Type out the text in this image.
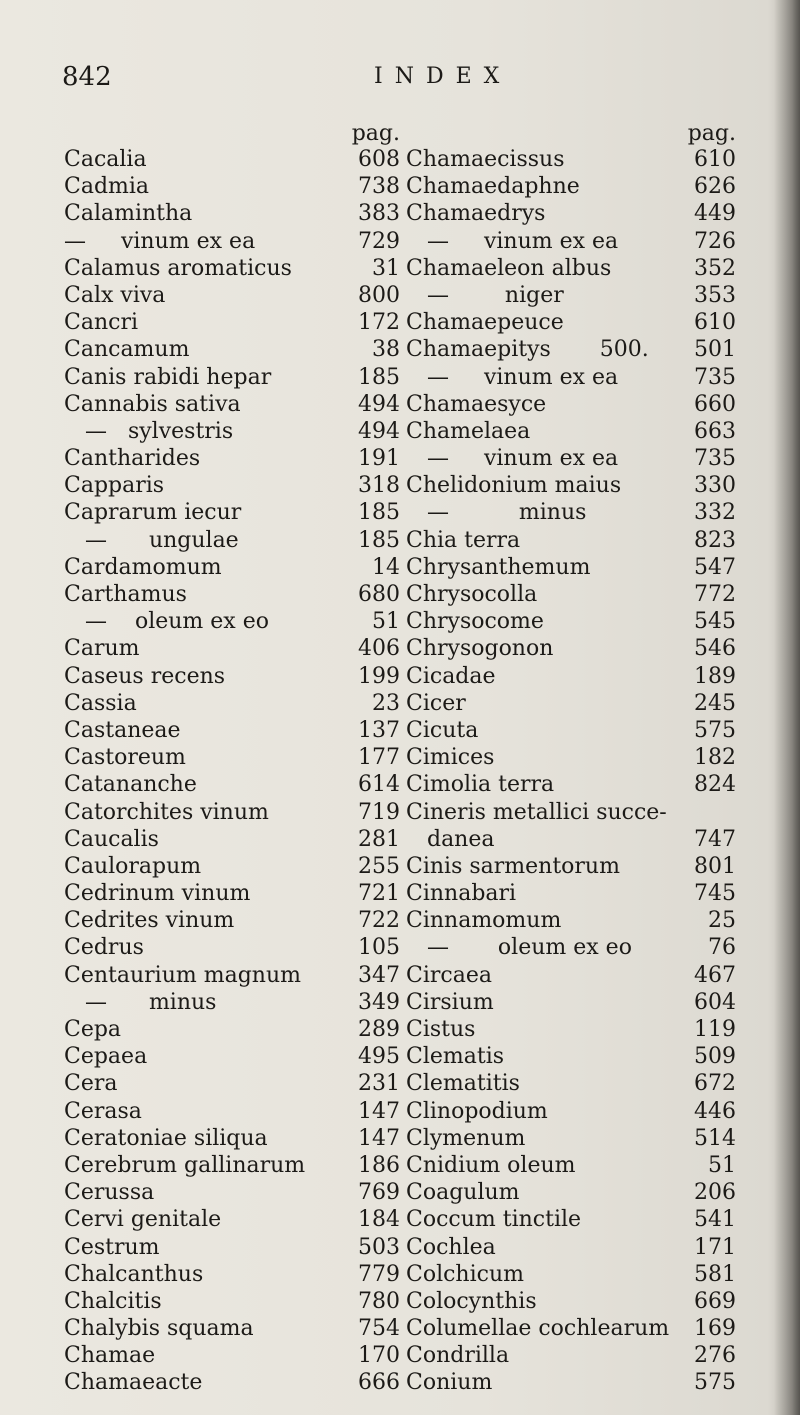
842	INDEX
pag.
Cacalia	608
Cadmia	738
Calamintha	383
—     vinum ex ea	729
Calamus aromaticus	31
Calx viva	800
Cancri	172
Cancamum	38
Canis rabidi hepar	185
Cannabis sativa	494
—   sylvestris	494
Cantharides	191
Capparis	318
Caprarum iecur	185
—      ungulae	185
Cardamomum	14
Carthamus	680
—    oleum ex eo	51
Carum	406
Caseus recens	199
Cassia	23
Castaneae	137
Castoreum	177
Catananche	614
Catorchites vinum	719
Caucalis	281
Caulorapum	255
Cedrinum vinum	721
Cedrites vinum	722
Cedrus	105
Centaurium magnum	347
—      minus	349
Cepa	289
Cepaea	495
Cera	231
Cerasa	147
Ceratoniae siliqua	147
Cerebrum gallinarum 186
Cerussa	769
Cervi genitale	184
Cestrum	503
Chalcanthus	779
Chalcitis	780
Chalybis squama	754
Chamae	170
Chamaeacte	666
pag.
Chamaecissus	610
Chamaedaphne	626
Chamaedrys	449
—     vinum ex ea	726
Chamaeleon albus	352
—        niger	353
Chamaepeuce	610
Chamaepitys       500. 501
—     vinum ex ea	735
Chamaesyce	660
Chamelaea	663
—     vinum ex ea	735
Chelidonium maius	330
—          minus	332
Chia terra	823
Chrysanthemum	547
Chrysocolla	772
Chrysocome	545
Chrysogonon	546
Cicadae	189
Cicer	245
Cicuta	575
Cimices	182
Cimolia terra	824
Cineris metallici succe-
danea	747
Cinis sarmentorum	801
Cinnabari	745
Cinnamomum	25
—       oleum ex eo	76
Circaea	467
Cirsium	604
Cistus	119
Clematis	509
Clematitis	672
Clinopodium	446
Clymenum	514
Cnidium oleum	51
Coagulum	206
Coccum tinctile	541
Cochlea	171
Colchicum	581
Colocynthis	669
Columellae cochlearum 169
Condrilla	276
Conium	575
